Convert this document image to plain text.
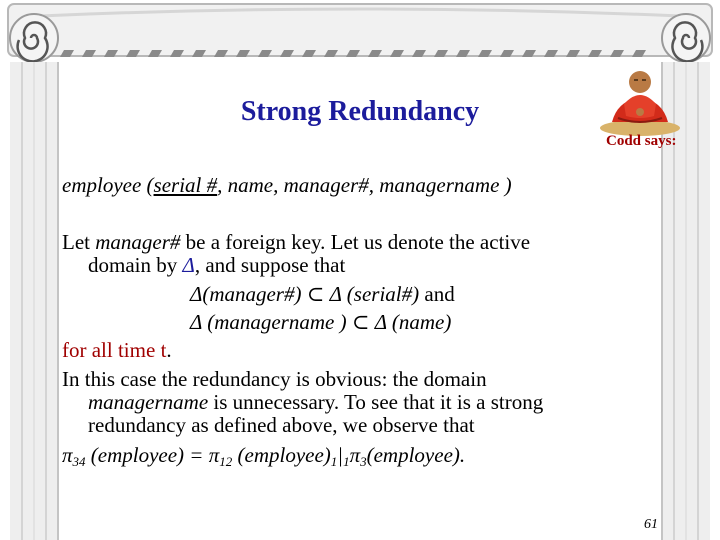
Strong Redundancy
Codd says:
employee (serial #, name, manager#, managername )
Let manager# be a foreign key. Let us denote the active
domain by Δ, and suppose that
Δ(manager#) ⊂ Δ (serial#) and
Δ (managername ) ⊂ Δ (name)
for all time t.
In this case the redundancy is obvious: the domain
managername is unnecessary. To see that it is a strong
redundancy as defined above, we observe that
$\pi_{34}$ (employee) = $\pi_{12}$ $(employee)_1|_1\pi_3(employee)$.
61
